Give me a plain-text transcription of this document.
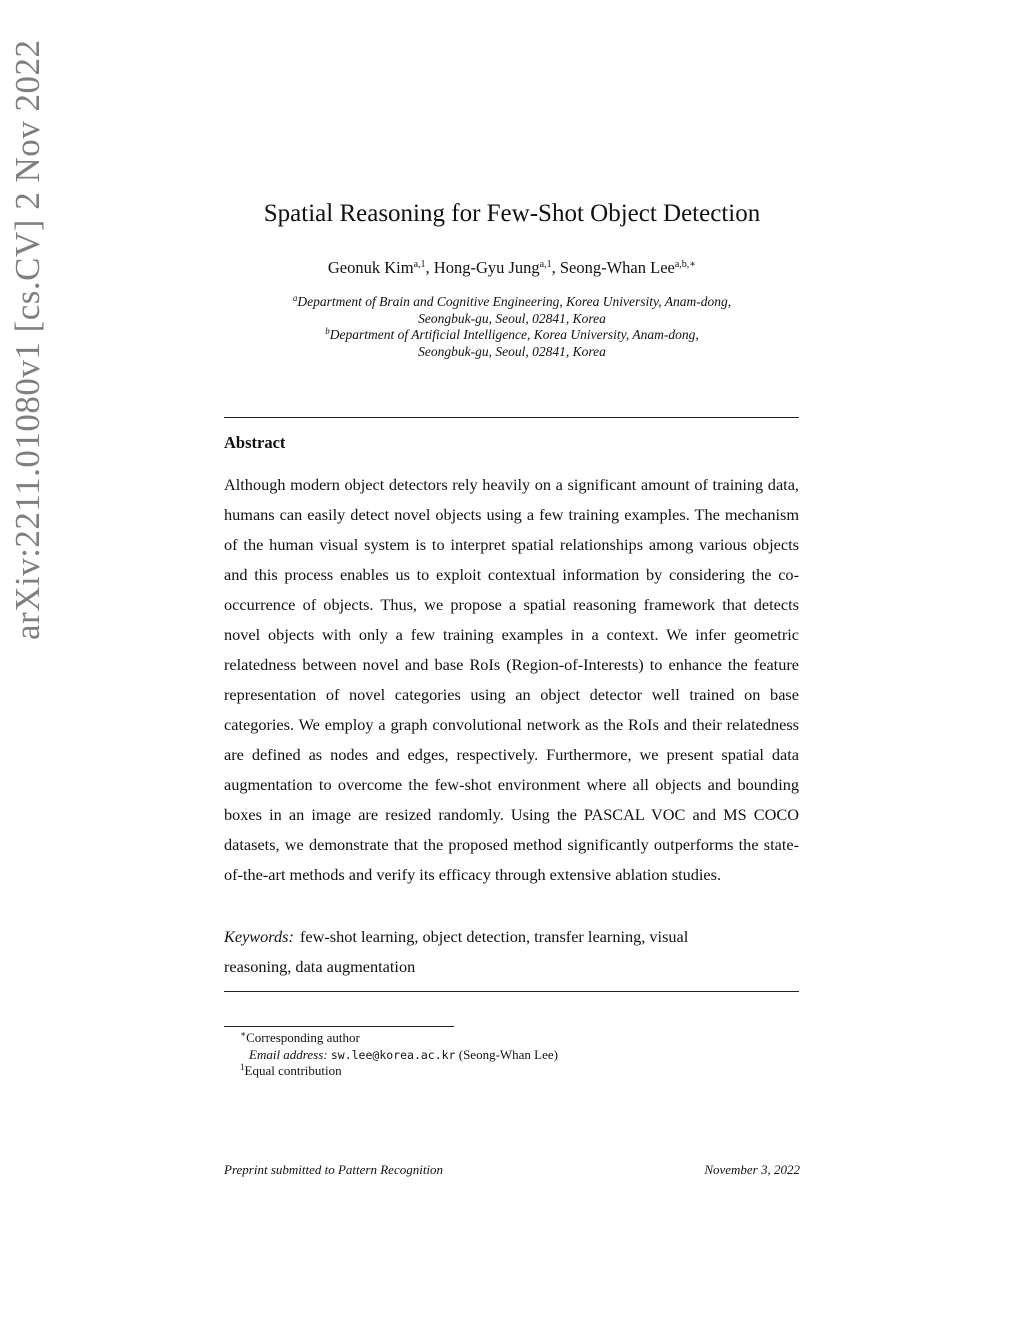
arXiv:2211.01080v1 [cs.CV] 2 Nov 2022	Spatial Reasoning for Few-Shot Object Detection
Geonuk Kim$^{a,1}$, Hong-Gyu Jung$^{a,1}$, Seong-Whan Lee$^{a,b,∗}$
$^a$Department of Brain and Cognitive Engineering, Korea University, Anam-dong,
Seongbuk-gu, Seoul, 02841, Korea
$^b$Department of Artificial Intelligence, Korea University, Anam-dong,
Seongbuk-gu, Seoul, 02841, Korea
Abstract

Although modern object detectors rely heavily on a significant amount of training data, humans can easily detect novel objects using a few training examples. The mechanism of the human visual system is to interpret spatial relationships among various objects and this process enables us to exploit contextual information by considering the co-occurrence of objects. Thus, we propose a spatial reasoning framework that detects novel objects with only a few training examples in a context. We infer geometric relatedness between novel and base RoIs (Region-of-Interests) to enhance the feature representation of novel categories using an object detector well trained on base categories. We employ a graph convolutional network as the RoIs and their relatedness are defined as nodes and edges, respectively. Furthermore, we present spatial data augmentation to overcome the few-shot environment where all objects and bounding boxes in an image are resized randomly. Using the PASCAL VOC and MS COCO datasets, we demonstrate that the proposed method significantly outperforms the state-of-the-art methods and verify its efficacy through extensive ablation studies.

Keywords: few-shot learning, object detection, transfer learning, visual
reasoning, data augmentation
∗Corresponding author
Email address: sw.lee@korea.ac.kr (Seong-Whan Lee)
$^1$Equal contribution
Preprint submitted to Pattern Recognition	November 3, 2022
